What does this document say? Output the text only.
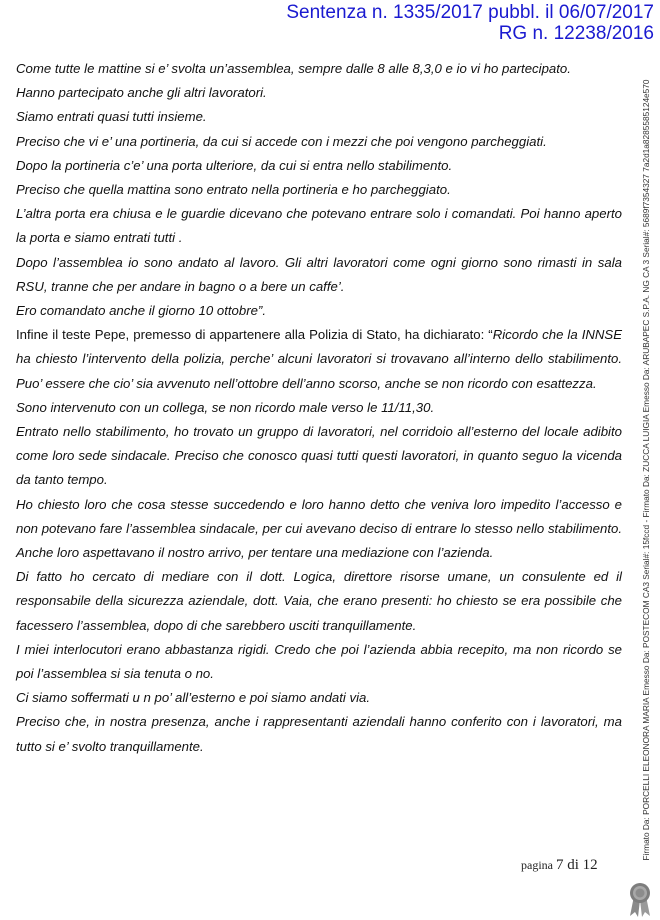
Sentenza n. 1335/2017 pubbl. il 06/07/2017
RG n. 12238/2016

Come tutte le mattine si e’ svolta un’assemblea, sempre dalle 8 alle 8,3,0 e io vi ho partecipato.

Hanno partecipato anche gli altri lavoratori.

Siamo entrati quasi tutti insieme.

Preciso che vi e’ una portineria, da cui si accede con i mezzi che poi vengono parcheggiati.

Dopo la portineria c’e’ una porta ulteriore, da cui si entra nello stabilimento.

Preciso che quella mattina sono entrato nella portineria e ho parcheggiato.

L’altra porta era chiusa e le guardie dicevano che potevano entrare solo i comandati. Poi hanno aperto la porta e siamo entrati tutti .

Dopo l’assemblea io sono andato al lavoro. Gli altri lavoratori come ogni giorno sono rimasti in sala RSU, tranne che per andare in bagno o a bere un caffe’.

Ero comandato anche il giorno 10 ottobre”.

Infine il teste Pepe, premesso di appartenere alla Polizia di Stato, ha dichiarato: “Ricordo che la INNSE ha chiesto l’intervento della polizia, perche’ alcuni lavoratori si trovavano all’interno dello stabilimento. Puo’ essere che cio’ sia avvenuto nell’ottobre dell’anno scorso, anche se non ricordo con esattezza.

Sono intervenuto con un collega, se non ricordo male verso le 11/11,30.

Entrato nello stabilimento, ho trovato un gruppo di lavoratori, nel corridoio all’esterno del locale adibito come loro sede sindacale. Preciso che conosco quasi tutti questi lavoratori, in quanto seguo la vicenda da tanto tempo.

Ho chiesto loro che cosa stesse succedendo e loro hanno detto che veniva loro impedito l’accesso e non potevano fare l’assemblea sindacale, per cui avevano deciso di entrare lo stesso nello stabilimento. Anche loro aspettavano il nostro arrivo, per tentare una mediazione con l’azienda.

Di fatto ho cercato di mediare con il dott. Logica, direttore risorse umane, un consulente ed il responsabile della sicurezza aziendale, dott. Vaia, che erano presenti: ho chiesto se era possibile che facessero l’assemblea, dopo di che sarebbero usciti tranquillamente.

I miei interlocutori erano abbastanza rigidi. Credo che poi l’azienda abbia recepito, ma non ricordo se poi l’assemblea si sia tenuta o no.

Ci siamo soffermati u n po’ all’esterno e poi siamo andati via.

Preciso che, in nostra presenza, anche i rappresentanti aziendali hanno conferito con i lavoratori, ma tutto si e’ svolto tranquillamente.

pagina 7 di 12
Firmato Da: PORCELLI ELEONORA MARIA Emesso Da: POSTECOM CA3 Serial#: 15fccd - Firmato Da: ZUCCA LUIGIA Emesso Da: ARUBAPEC S.P.A. NG CA 3 Serial#: 5689f7354327 7a2d1a8285585124e570
